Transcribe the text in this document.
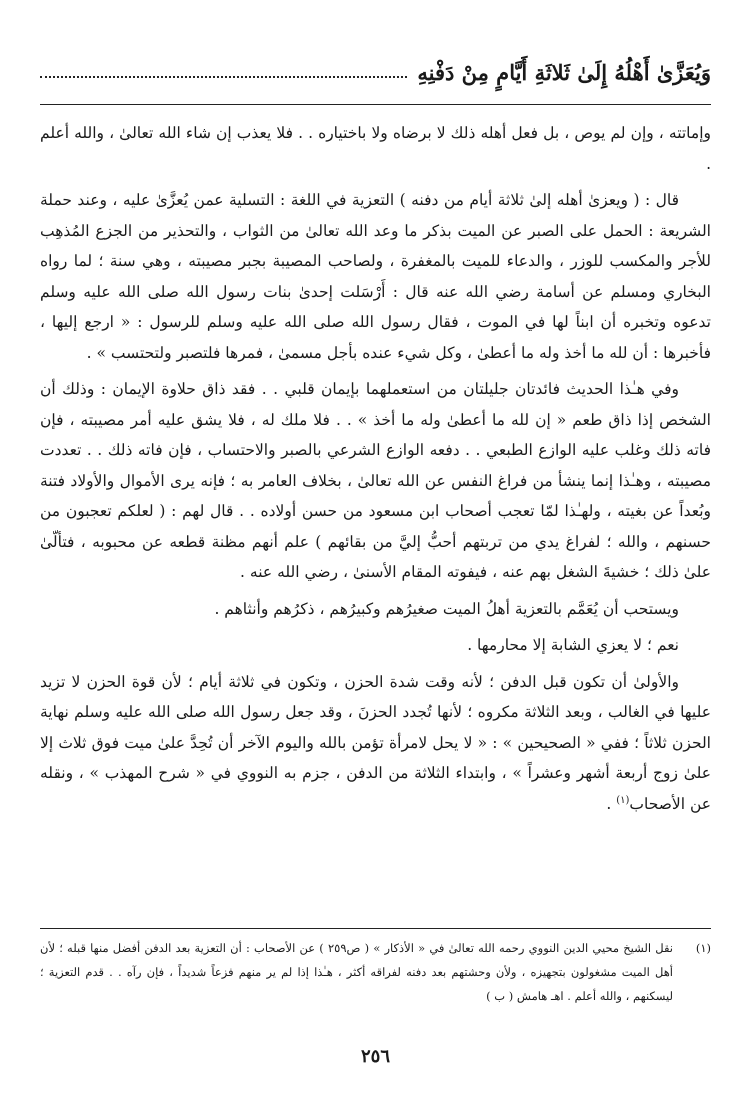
وَيُعَزَّىٰ أَهْلُهُ إِلَىٰ ثَلاثَةِ أَيَّامٍ مِنْ دَفْنِهِ

وإماتته ، وإن لم يوص ، بل فعل أهله ذلك لا برضاه ولا باختياره . . فلا يعذب إن شاء الله تعالىٰ ، والله أعلم .

قال : ( ويعزىٰ أهله إلىٰ ثلاثة أيام من دفنه ) التعزية في اللغة : التسلية عمن يُعزَّىٰ عليه ، وعند حملة الشريعة : الحمل على الصبر عن الميت بذكر ما وعد الله تعالىٰ من الثواب ، والتحذير من الجزع المُذهِب للأجر والمكسب للوزر ، والدعاء للميت بالمغفرة ، ولصاحب المصيبة بجبر مصيبته ، وهي سنة ؛ لما رواه البخاري ومسلم عن أسامة رضي الله عنه قال : أَرْسَلت إحدىٰ بنات رسول الله صلى الله عليه وسلم تدعوه وتخبره أن ابناً لها في الموت ، فقال رسول الله صلى الله عليه وسلم للرسول : « ارجع إليها ، فأخبرها : أن لله ما أخذ وله ما أعطىٰ ، وكل شيء عنده بأجل مسمىٰ ، فمرها فلتصبر ولتحتسب » .

وفي هـٰذا الحديث فائدتان جليلتان من استعملهما بإيمان قلبي . . فقد ذاق حلاوة الإيمان : وذلك أن الشخص إذا ذاق طعم « إن لله ما أعطىٰ وله ما أخذ » . . فلا ملك له ، فلا يشق عليه أمر مصيبته ، فإن فاته ذلك وغلب عليه الوازع الطبعي . . دفعه الوازع الشرعي بالصبر والاحتساب ، فإن فاته ذلك . . تعددت مصيبته ، وهـٰذا إنما ينشأ من فراغ النفس عن الله تعالىٰ ، بخلاف العامر به ؛ فإنه يرى الأموال والأولاد فتنة وبُعداً عن بغيته ، ولهـٰذا لمّا تعجب أصحاب ابن مسعود من حسن أولاده . . قال لهم : ( لعلكم تعجبون من حسنهم ، والله ؛ لفراغ يدي من تربتهم أحبُّ إليَّ من بقائهم ) علم أنهم مظنة قطعه عن محبوبه ، فتألّىٰ علىٰ ذلك ؛ خشيةَ الشغل بهم عنه ، فيفوته المقام الأسنىٰ ، رضي الله عنه .

ويستحب أن يُعَمَّم بالتعزية أهلُ الميت صغيرُهم وكبيرُهم ، ذكرُهم وأنثاهم .

نعم ؛ لا يعزي الشابة إلا محارمها .

والأولىٰ أن تكون قبل الدفن ؛ لأنه وقت شدة الحزن ، وتكون في ثلاثة أيام ؛ لأن قوة الحزن لا تزيد عليها في الغالب ، وبعد الثلاثة مكروه ؛ لأنها تُجدد الحزنَ ، وقد جعل رسول الله صلى الله عليه وسلم نهاية الحزن ثلاثاً ؛ ففي « الصحيحين » : « لا يحل لامرأة تؤمن بالله واليوم الآخر أن تُحِدَّ علىٰ ميت فوق ثلاث إلا علىٰ زوج أربعة أشهر وعشراً » ، وابتداء الثلاثة من الدفن ، جزم به النووي في « شرح المهذب » ، ونقله عن الأصحاب$^{(١)}$ .

(١)
نقل الشيخ محيي الدين النووي رحمه الله تعالىٰ في « الأذكار » ( ص٢٥٩ ) عن الأصحاب : أن التعزية بعد الدفن أفضل منها قبله ؛ لأن أهل الميت مشغولون بتجهيزه ، ولأن وحشتهم بعد دفنه لفراقه أكثر ، هـٰذا إذا لم ير منهم فزعاً شديداً ، فإن رآه . . قدم التعزية ؛ ليسكنهم ، والله أعلم . اهـ هامش ( ب )
٢٥٦
